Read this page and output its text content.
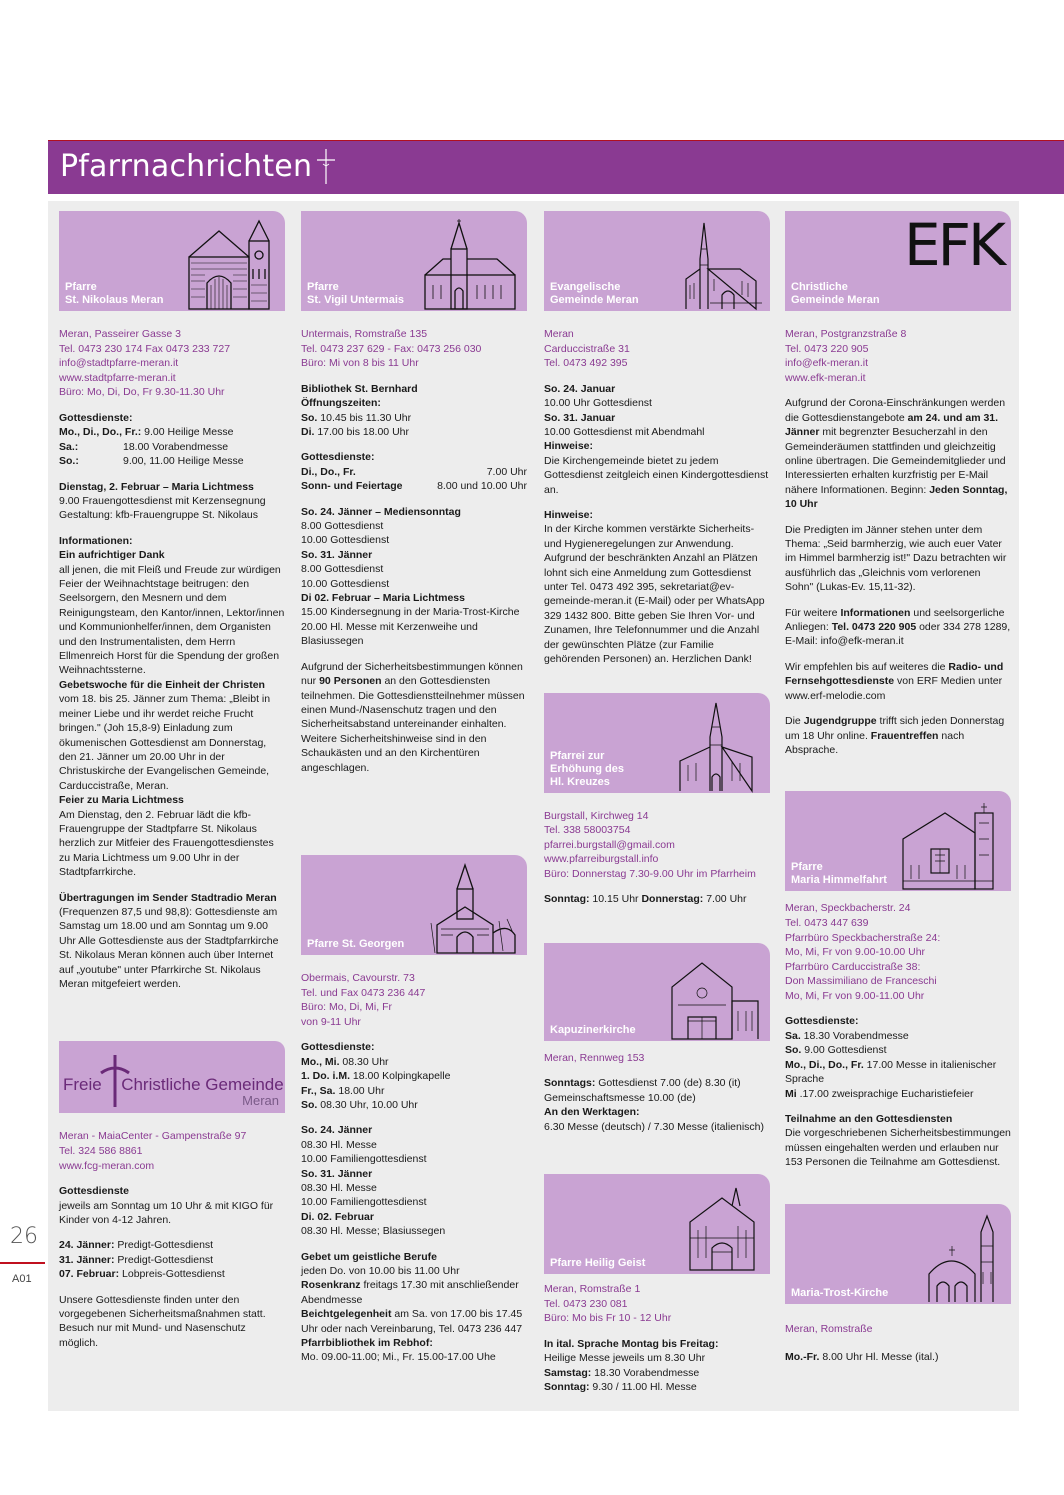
Pfarrnachrichten
Pfarre
St. Nikolaus Meran
Meran, Passeirer Gasse 3
Tel. 0473 230 174 Fax 0473 233 727
info@stadtpfarre-meran.it
www.stadtpfarre-meran.it
Büro: Mo, Di, Do, Fr 9.30-11.30 Uhr

Gottesdienste:
Mo., Di., Do., Fr.: 9.00 Heilige Messe
Sa.:	18.00 Vorabendmesse
So.:	9.00, 11.00 Heilige Messe

Dienstag, 2. Februar – Maria Lichtmess
9.00 Frauengottesdienst mit Kerzensegnung
Gestaltung: kfb-Frauengruppe St. Nikolaus

Informationen:
Ein aufrichtiger Dank
all jenen, die mit Fleiß und Freude zur würdigen Feier der Weihnachtstage beitrugen: den Seelsorgern, den Mesnern und dem Reinigungsteam, den Kantor/innen, Lektor/innen und Kommunionhelfer/innen, dem Organisten und den Instrumentalisten, dem Herrn Ellmenreich Horst für die Spendung der großen Weihnachtssterne.
Gebetswoche für die Einheit der Christen
vom 18. bis 25. Jänner zum Thema: „Bleibt in meiner Liebe und ihr werdet reiche Frucht bringen." (Joh 15,8-9) Einladung zum ökumenischen Gottesdienst am Donnerstag, den 21. Jänner um 20.00 Uhr in der Christuskirche der Evangelischen Gemeinde, Carduccistraße, Meran.
Feier zu Maria Lichtmess
Am Dienstag, den 2. Februar lädt die kfb-Frauengruppe der Stadtpfarre St. Nikolaus herzlich zur Mitfeier des Frauengottesdienstes zu Maria Lichtmess um 9.00 Uhr in der Stadtpfarrkirche.

Übertragungen im Sender Stadtradio Meran (Frequenzen 87,5 und 98,8): Gottesdienste am Samstag um 18.00 und am Sonntag um 9.00 Uhr Alle Gottesdienste aus der Stadtpfarrkirche St. Nikolaus Meran können auch über Internet auf „youtube" unter Pfarrkirche St. Nikolaus Meran mitgefeiert werden.

Freie Christliche Gemeinde
Meran
Meran - MaiaCenter - Gampenstraße 97
Tel. 324 586 8861
www.fcg-meran.com

Gottesdienste
jeweils am Sonntag um 10 Uhr & mit KIGO für Kinder von 4-12 Jahren.

24. Jänner: Predigt-Gottesdienst
31. Jänner: Predigt-Gottesdienst
07. Februar: Lobpreis-Gottesdienst

Unsere Gottesdienste finden unter den vorgegebenen Sicherheitsmaßnahmen statt. Besuch nur mit Mund- und Nasenschutz möglich.

Pfarre
St. Vigil Untermais
Untermais, Romstraße 135
Tel. 0473 237 629 - Fax: 0473 256 030
Büro: Mi von 8 bis 11 Uhr

Bibliothek St. Bernhard
Öffnungszeiten:
So. 10.45 bis 11.30 Uhr
Di. 17.00 bis 18.00 Uhr

Gottesdienste:

Di., Do., Fr.	7.00 Uhr
Sonn- und Feiertage	8.00 und 10.00 Uhr

So. 24. Jänner – Mediensonntag
8.00 Gottesdienst
10.00 Gottesdienst
So. 31. Jänner
8.00 Gottesdienst
10.00 Gottesdienst
Di 02. Februar – Maria Lichtmess
15.00 Kindersegnung in der Maria-Trost-Kirche 20.00 Hl. Messe mit Kerzenweihe und Blasiussegen

Aufgrund der Sicherheitsbestimmungen können nur 90 Personen an den Gottesdiensten teilnehmen. Die Gottesdienstteilnehmer müssen einen Mund-/Nasenschutz tragen und den Sicherheitsabstand untereinander einhalten. Weitere Sicherheitshinweise sind in den Schaukästen und an den Kirchentüren angeschlagen.

Pfarre St. Georgen
Obermais, Cavourstr. 73
Tel. und Fax 0473 236 447
Büro: Mo, Di, Mi, Fr
von 9-11 Uhr

Gottesdienste:
Mo., Mi. 08.30 Uhr
1. Do. i.M. 18.00 Kolpingkapelle
Fr., Sa. 18.00 Uhr
So. 08.30 Uhr, 10.00 Uhr

So. 24. Jänner
08.30 Hl. Messe
10.00 Familiengottesdienst
So. 31. Jänner
08.30 Hl. Messe
10.00 Familiengottesdienst
Di. 02. Februar
08.30 Hl. Messe; Blasiussegen

Gebet um geistliche Berufe
jeden Do. von 10.00 bis 11.00 Uhr
Rosenkranz freitags 17.30 mit anschließender Abendmesse
Beichtgelegenheit am Sa. von 17.00 bis 17.45 Uhr oder nach Vereinbarung, Tel. 0473 236 447
Pfarrbibliothek im Rebhof:
Mo. 09.00-11.00; Mi., Fr. 15.00-17.00 Uhe

Evangelische
Gemeinde Meran
Meran
Carduccistraße 31
Tel. 0473 492 395

So. 24. Januar
10.00 Uhr Gottesdienst
So. 31. Januar
10.00 Gottesdienst mit Abendmahl
Hinweise:
Die Kirchengemeinde bietet zu jedem Gottesdienst zeitgleich einen Kindergottesdienst an.

Hinweise:
In der Kirche kommen verstärkte Sicherheits- und Hygieneregelungen zur Anwendung. Aufgrund der beschränkten Anzahl an Plätzen lohnt sich eine Anmeldung zum Gottesdienst unter Tel. 0473 492 395, sekretariat@ev-gemeinde-meran.it (E-Mail) oder per WhatsApp 329 1432 800. Bitte geben Sie Ihren Vor- und Zunamen, Ihre Telefonnummer und die Anzahl der gewünschten Plätze (zur Familie gehörenden Personen) an. Herzlichen Dank!

Pfarrei zur
Erhöhung des
Hl. Kreuzes
Burgstall, Kirchweg 14
Tel. 338 58003754
pfarrei.burgstall@gmail.com
www.pfarreiburgstall.info
Büro: Donnerstag 7.30-9.00 Uhr im Pfarrheim

Sonntag: 10.15 Uhr Donnerstag: 7.00 Uhr

Kapuzinerkirche
Meran, Rennweg 153

Sonntags: Gottesdienst 7.00 (de) 8.30 (it) Gemeinschaftsmesse 10.00 (de)
An den Werktagen:
6.30 Messe (deutsch) / 7.30 Messe (italienisch)

Pfarre Heilig Geist
Meran, Romstraße 1
Tel. 0473 230 081
Büro: Mo bis Fr 10 - 12 Uhr

In ital. Sprache Montag bis Freitag:
Heilige Messe jeweils um 8.30 Uhr
Samstag: 18.30 Vorabendmesse
Sonntag: 9.30 / 11.00 Hl. Messe

EFK
Christliche
Gemeinde Meran
Meran, Postgranzstraße 8
Tel. 0473 220 905
info@efk-meran.it
www.efk-meran.it

Aufgrund der Corona-Einschränkungen werden die Gottesdienstangebote am 24. und am 31. Jänner mit begrenzter Besucherzahl in den Gemeinderäumen stattfinden und gleichzeitig online übertragen. Die Gemeindemitglieder und Interessierten erhalten kurzfristig per E-Mail nähere Informationen. Beginn: Jeden Sonntag, 10 Uhr

Die Predigten im Jänner stehen unter dem Thema: „Seid barmherzig, wie auch euer Vater im Himmel barmherzig ist!" Dazu betrachten wir ausführlich das „Gleichnis vom verlorenen Sohn" (Lukas-Ev. 15,11-32).

Für weitere Informationen und seelsorgerliche Anliegen: Tel. 0473 220 905 oder 334 278 1289, E-Mail: info@efk-meran.it

Wir empfehlen bis auf weiteres die Radio- und Fernsehgottesdienste von ERF Medien unter www.erf-melodie.com

Die Jugendgruppe trifft sich jeden Donnerstag um 18 Uhr online. Frauentreffen nach Absprache.

Pfarre
Maria Himmelfahrt
Meran, Speckbacherstr. 24
Tel. 0473 447 639
Pfarrbüro Speckbacherstraße 24:
Mo, Mi, Fr von 9.00-10.00 Uhr
Pfarrbüro Carduccistraße 38:
Don Massimiliano de Franceschi
Mo, Mi, Fr von 9.00-11.00 Uhr

Gottesdienste:
Sa. 18.30 Vorabendmesse
So. 9.00 Gottesdienst
Mo., Di., Do., Fr. 17.00 Messe in italienischer Sprache
Mi .17.00 zweisprachige Eucharistiefeier

Teilnahme an den Gottesdiensten
Die vorgeschriebenen Sicherheitsbestimmungen müssen eingehalten werden und erlauben nur 153 Personen die Teilnahme am Gottesdienst.

Maria-Trost-Kirche
Meran, Romstraße

Mo.-Fr. 8.00 Uhr Hl. Messe (ital.)

26
A01
